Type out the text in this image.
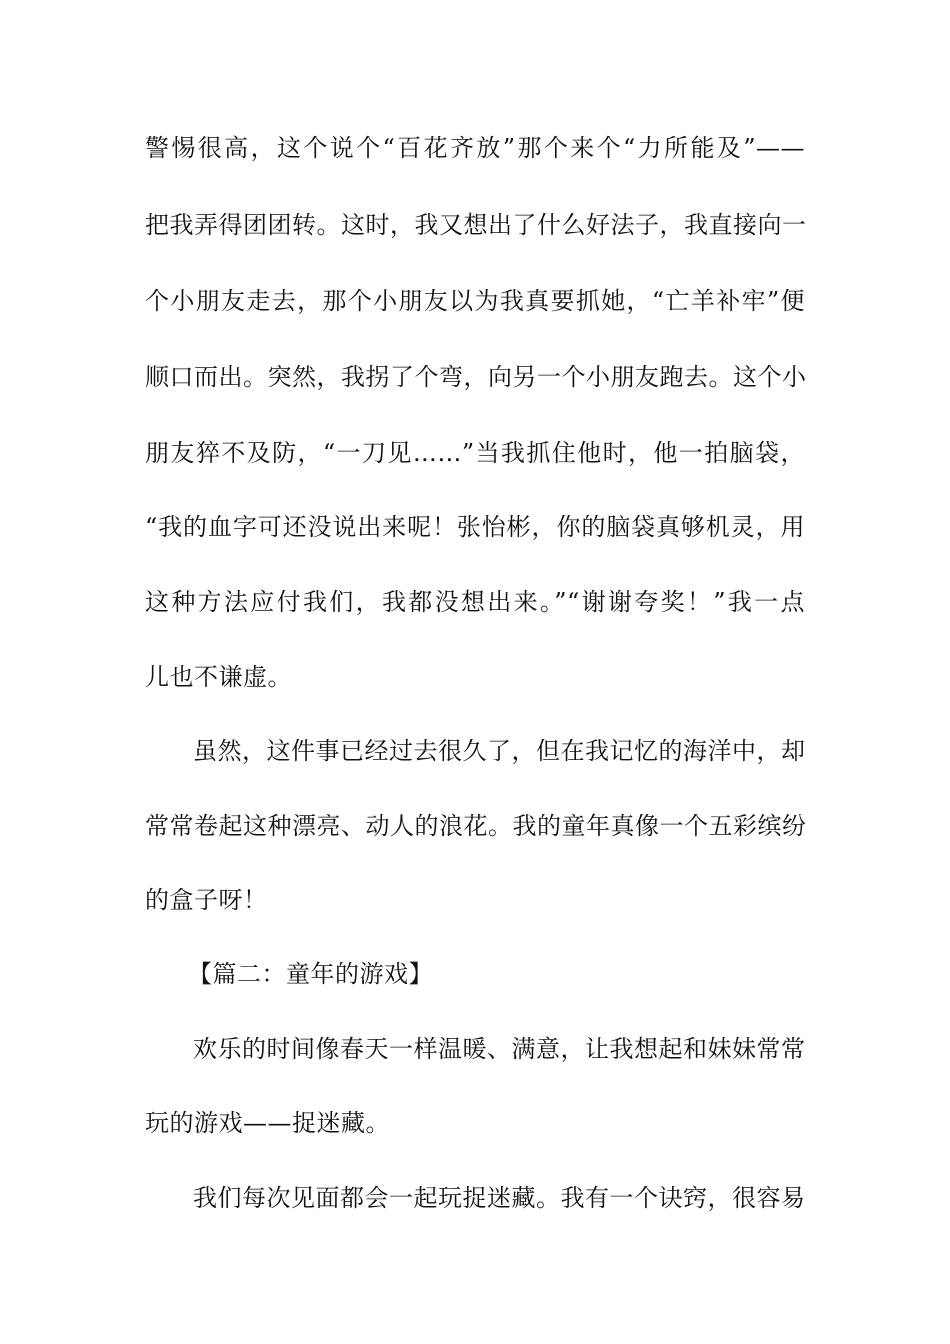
警惕很高，这个说个“百花齐放”那个来个“力所能及”——
把我弄得团团转。这时，我又想出了什么好法子，我直接向一
个小朋友走去，那个小朋友以为我真要抓她，“亡羊补牢”便
顺口而出。突然，我拐了个弯，向另一个小朋友跑去。这个小
朋友猝不及防，“一刀见……”当我抓住他时，他一拍脑袋，
“我的血字可还没说出来呢！张怡彬，你的脑袋真够机灵，用
这种方法应付我们，我都没想出来。”“谢谢夸奖！”我一点
儿也不谦虚。
虽然，这件事已经过去很久了，但在我记忆的海洋中，却
常常卷起这种漂亮、动人的浪花。我的童年真像一个五彩缤纷
的盒子呀！
【篇二：童年的游戏】
欢乐的时间像春天一样温暖、满意，让我想起和妹妹常常
玩的游戏——捉迷藏。
我们每次见面都会一起玩捉迷藏。我有一个诀窍，很容易
